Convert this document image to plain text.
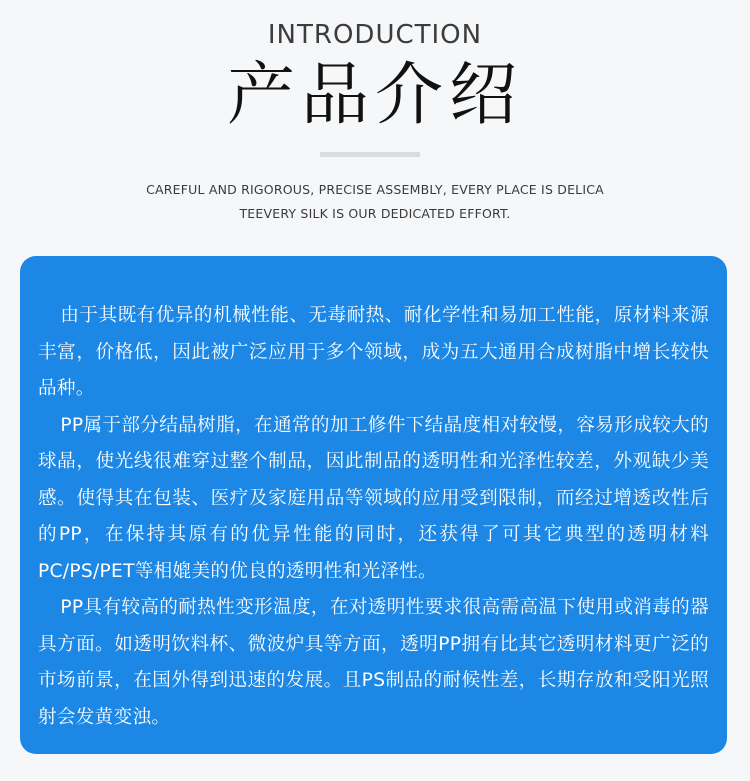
INTRODUCTION
产品介绍
CAREFUL AND RIGOROUS, PRECISE ASSEMBLY, EVERY PLACE IS DELICA
TEEVERY SILK IS OUR DEDICATED EFFORT.

由于其既有优异的机械性能、无毒耐热、耐化学性和易加工性能，原材料来源丰富，价格低，因此被广泛应用于多个领域，成为五大通用合成树脂中增长较快品种。

PP属于部分结晶树脂，在通常的加工修件下结晶度相对较慢，容易形成较大的球晶，使光线很难穿过整个制品，因此制品的透明性和光泽性较差，外观缺少美感。使得其在包装、医疗及家庭用品等领域的应用受到限制，而经过增透改性后的PP，在保持其原有的优异性能的同时，还获得了可其它典型的透明材料PC/PS/PET等相媲美的优良的透明性和光泽性。

PP具有较高的耐热性变形温度，在对透明性要求很高需高温下使用或消毒的器具方面。如透明饮料杯、微波炉具等方面，透明PP拥有比其它透明材料更广泛的市场前景，在国外得到迅速的发展。且PS制品的耐候性差，长期存放和受阳光照射会发黄变浊。
